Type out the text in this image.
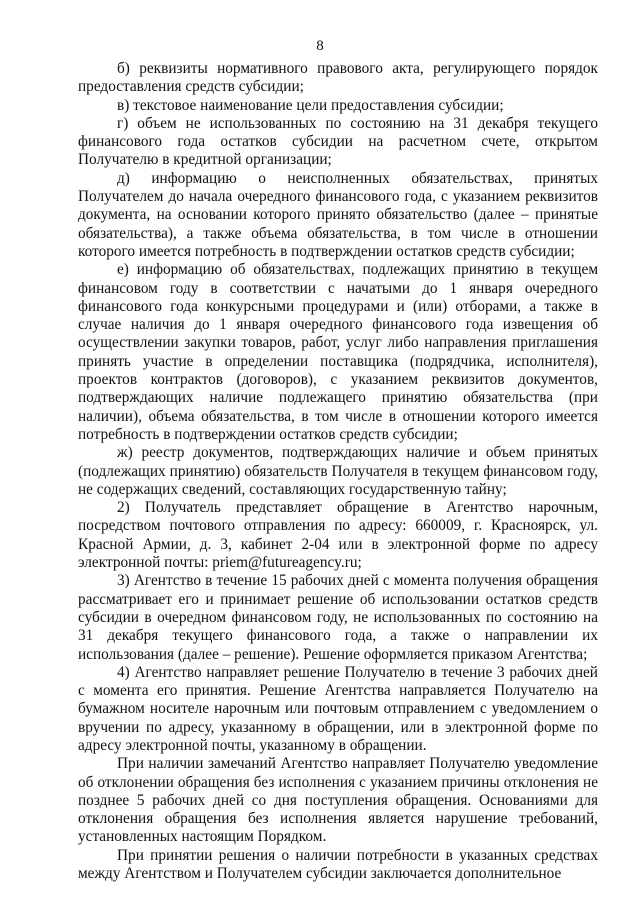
8

б) реквизиты нормативного правового акта, регулирующего порядок предоставления средств субсидии;

в) текстовое наименование цели предоставления субсидии;

г) объем не использованных по состоянию на 31 декабря текущего финансового года остатков субсидии на расчетном счете, открытом Получателю в кредитной организации;

д) информацию о неисполненных обязательствах, принятых Получателем до начала очередного финансового года, с указанием реквизитов документа, на основании которого принято обязательство (далее – принятые обязательства), а также объема обязательства, в том числе в отношении которого имеется потребность в подтверждении остатков средств субсидии;

е) информацию об обязательствах, подлежащих принятию в текущем финансовом году в соответствии с начатыми до 1 января очередного финансового года конкурсными процедурами и (или) отборами, а также в случае наличия до 1 января очередного финансового года извещения об осуществлении закупки товаров, работ, услуг либо направления приглашения принять участие в определении поставщика (подрядчика, исполнителя), проектов контрактов (договоров), с указанием реквизитов документов, подтверждающих наличие подлежащего принятию обязательства (при наличии), объема обязательства, в том числе в отношении которого имеется потребность в подтверждении остатков средств субсидии;

ж) реестр документов, подтверждающих наличие и объем принятых (подлежащих принятию) обязательств Получателя в текущем финансовом году, не содержащих сведений, составляющих государственную тайну;

2) Получатель представляет обращение в Агентство нарочным, посредством почтового отправления по адресу: 660009, г. Красноярск, ул. Красной Армии, д. 3, кабинет 2-04 или в электронной форме по адресу электронной почты: priem@futureagency.ru;

3) Агентство в течение 15 рабочих дней с момента получения обращения рассматривает его и принимает решение об использовании остатков средств субсидии в очередном финансовом году, не использованных по состоянию на 31 декабря текущего финансового года, а также о направлении их использования (далее – решение). Решение оформляется приказом Агентства;

4) Агентство направляет решение Получателю в течение 3 рабочих дней с момента его принятия. Решение Агентства направляется Получателю на бумажном носителе нарочным или почтовым отправлением с уведомлением о вручении по адресу, указанному в обращении, или в электронной форме по адресу электронной почты, указанному в обращении.

При наличии замечаний Агентство направляет Получателю уведомление об отклонении обращения без исполнения с указанием причины отклонения не позднее 5 рабочих дней со дня поступления обращения. Основаниями для отклонения обращения без исполнения является нарушение требований, установленных настоящим Порядком.

При принятии решения о наличии потребности в указанных средствах между Агентством и Получателем субсидии заключается дополнительное
